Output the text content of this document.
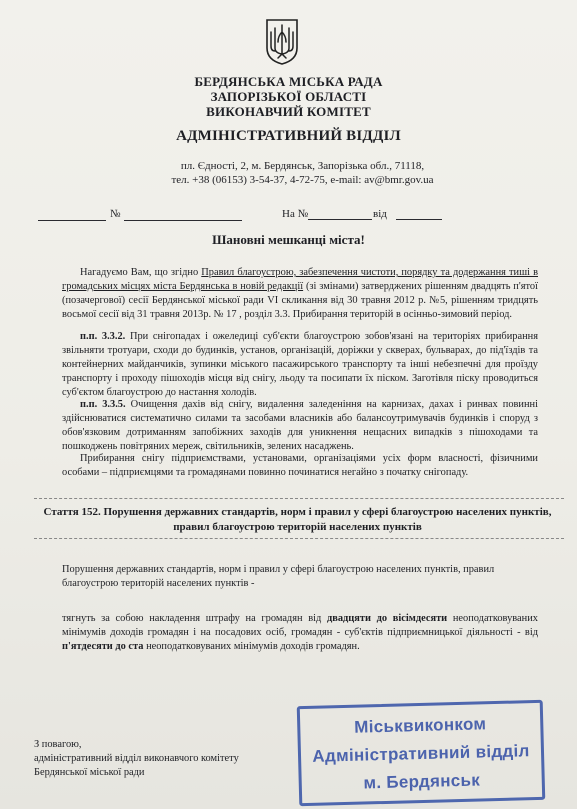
БЕРДЯНСЬКА МІСЬКА РАДА
ЗАПОРІЗЬКОЇ ОБЛАСТІ
ВИКОНАВЧИЙ КОМІТЕТ
АДМІНІСТРАТИВНИЙ ВІДДІЛ
пл. Єдності, 2, м. Бердянськ, Запорізька обл., 71118,
тел. +38 (06153) 3-54-37, 4-72-75, e-mail: av@bmr.gov.ua
№	На №	від
Шановні мешканці міста!
Нагадуємо Вам, що згідно Правил благоустрою, забезпечення чистоти, порядку та додержання тиші в громадських місцях міста Бердянська в новій редакції (зі змінами) затверджених рішенням двадцять п'ятої (позачергової) сесії Бердянської міської ради VI скликання від 30 травня 2012 р. №5, рішенням тридцять восьмої сесії від 31 травня 2013р. № 17 , розділ 3.3. Прибирання територій в осінньо-зимовий період.
п.п. 3.3.2. При снігопадах і ожеледиці суб'єкти благоустрою зобов'язані на територіях прибирання звільняти тротуари, сходи до будинків, установ, організацій, доріжки у скверах, бульварах, до під'їздів та контейнерних майданчиків, зупинки міського пасажирського транспорту та інші небезпечні для проїзду транспорту і проходу пішоходів місця від снігу, льоду та посипати їх піском. Заготівля піску проводиться суб'єктом благоустрою до настання холодів.
п.п. 3.3.5. Очищення дахів від снігу, видалення заледеніння на карнизах, дахах і ринвах повинні здійснюватися систематично силами та засобами власників або балансоутримувачів будинків і споруд з обов'язковим дотриманням запобіжних заходів для уникнення нещасних випадків з пішоходами та пошкоджень повітряних мереж, світильників, зелених насаджень.
Прибирання снігу підприємствами, установами, організаціями усіх форм власності, фізичними особами – підприємцями та громадянами повинно починатися негайно з початку снігопаду.
Стаття 152. Порушення державних стандартів, норм і правил у сфері благоустрою населених пунктів, правил благоустрою територій населених пунктів
Порушення державних стандартів, норм і правил у сфері благоустрою населених пунктів, правил благоустрою територій населених пунктів -
тягнуть за собою накладення штрафу на громадян від двадцяти до вісімдесяти неоподатковуваних мінімумів доходів громадян і на посадових осіб, громадян - суб'єктів підприємницької діяльності - від п'ятдесяти до ста неоподатковуваних мінімумів доходів громадян.
З повагою,
адміністративний відділ виконавчого комітету
Бердянської міської ради
Міськвиконком
Адміністративний відділ
м. Бердянськ
